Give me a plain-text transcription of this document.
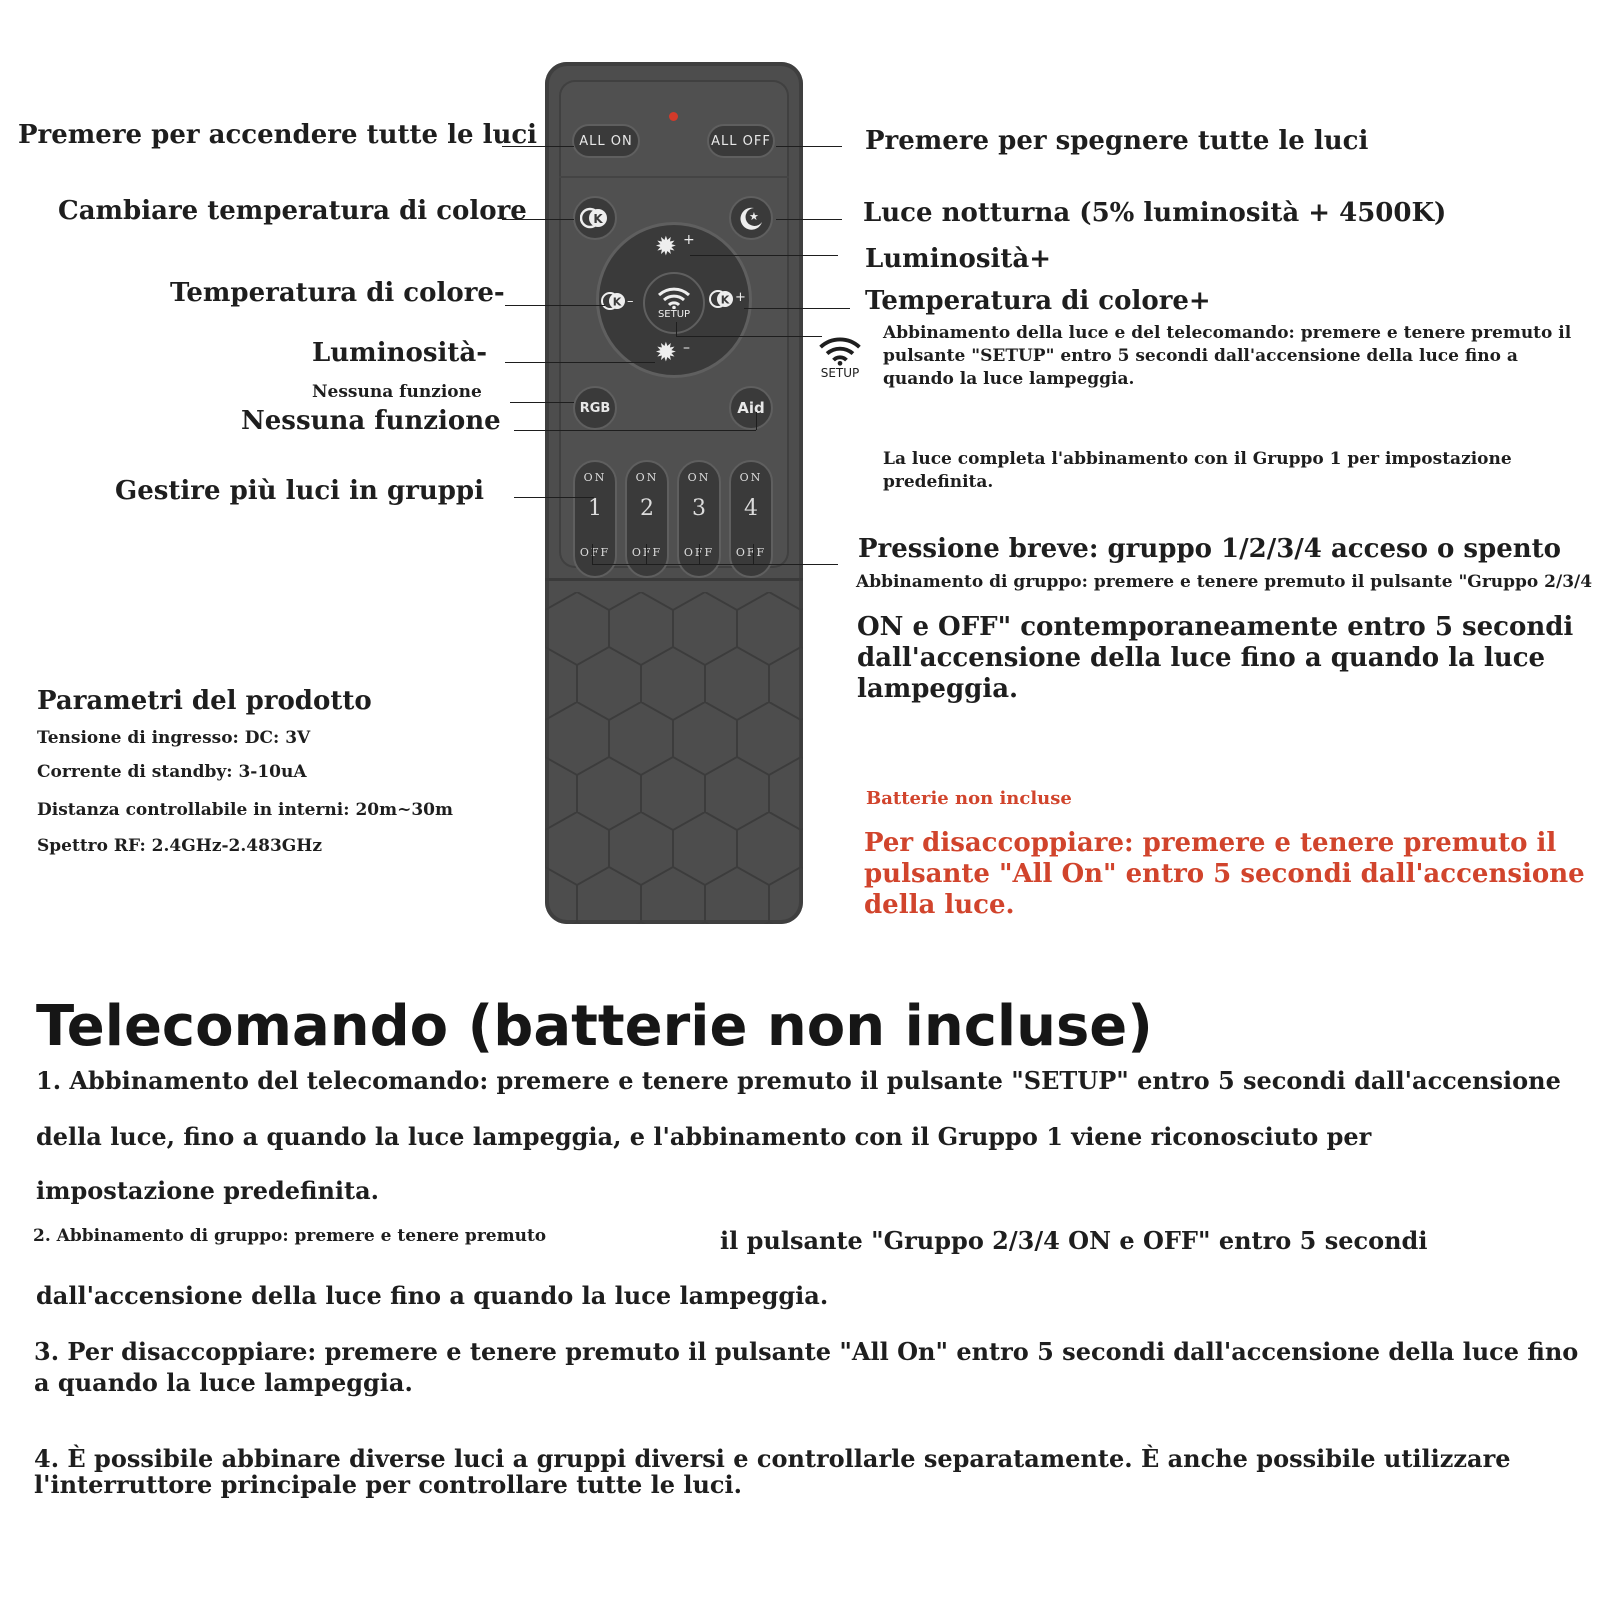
ALL ON	ALL OFF
K	★
✹ +
✹ –
K –	K +
SETUP
RGB	Aid
ON
1
OFF
ON
2
OFF
ON
3
OFF
ON
4
OFF
Premere per accendere tutte le luci
Cambiare temperatura di colore
Temperatura di colore-
Luminosità-
Nessuna funzione
Nessuna funzione
Gestire più luci in gruppi
Premere per spegnere tutte le luci
Luce notturna (5% luminosità + 4500K)
Luminosità+
Temperatura di colore+
SETUP
Abbinamento della luce e del telecomando: premere e tenere premuto il pulsante "SETUP" entro 5 secondi dall'accensione della luce fino a quando la luce lampeggia.
La luce completa l'abbinamento con il Gruppo 1 per impostazione predefinita.
Pressione breve: gruppo 1/2/3/4 acceso o spento
Abbinamento di gruppo: premere e tenere premuto il pulsante "Gruppo 2/3/4
ON e OFF" contemporaneamente entro 5 secondi dall'accensione della luce fino a quando la luce lampeggia.
Batterie non incluse
Per disaccoppiare: premere e tenere premuto il pulsante "All On" entro 5 secondi dall'accensione della luce.
Parametri del prodotto
Tensione di ingresso: DC: 3V
Corrente di standby: 3-10uA
Distanza controllabile in interni: 20m~30m
Spettro RF: 2.4GHz-2.483GHz
Telecomando (batterie non incluse)
1. Abbinamento del telecomando: premere e tenere premuto il pulsante "SETUP" entro 5 secondi dall'accensione
della luce, fino a quando la luce lampeggia, e l'abbinamento con il Gruppo 1 viene riconosciuto per
impostazione predefinita.
2. Abbinamento di gruppo: premere e tenere premuto	il pulsante "Gruppo 2/3/4 ON e OFF" entro 5 secondi
dall'accensione della luce fino a quando la luce lampeggia.
3. Per disaccoppiare: premere e tenere premuto il pulsante "All On" entro 5 secondi dall'accensione della luce fino a quando la luce lampeggia.
4. È possibile abbinare diverse luci a gruppi diversi e controllarle separatamente. È anche possibile utilizzare l'interruttore principale per controllare tutte le luci.
